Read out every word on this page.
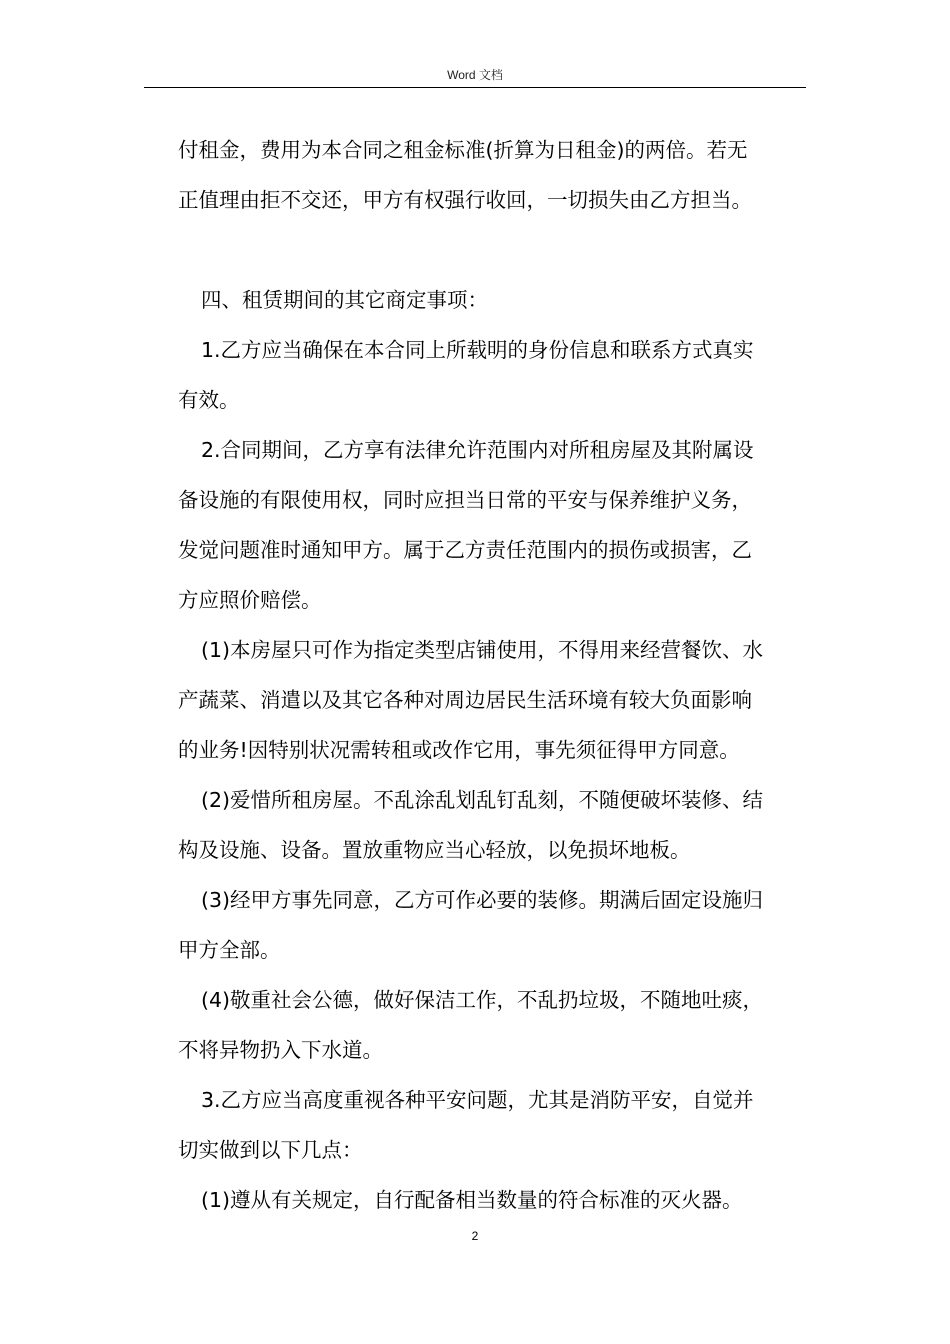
Word 文档

付租金，费用为本合同之租金标准(折算为日租金)的两倍。若无

正值理由拒不交还，甲方有权强行收回，一切损失由乙方担当。

四、租赁期间的其它商定事项：

1.乙方应当确保在本合同上所载明的身份信息和联系方式真实

有效。

2.合同期间，乙方享有法律允许范围内对所租房屋及其附属设

备设施的有限使用权，同时应担当日常的平安与保养维护义务，

发觉问题准时通知甲方。属于乙方责任范围内的损伤或损害，乙

方应照价赔偿。

(1)本房屋只可作为指定类型店铺使用，不得用来经营餐饮、水

产蔬菜、消遣以及其它各种对周边居民生活环境有较大负面影响

的业务!因特别状况需转租或改作它用，事先须征得甲方同意。

(2)爱惜所租房屋。不乱涂乱划乱钉乱刻，不随便破坏装修、结

构及设施、设备。置放重物应当心轻放，以免损坏地板。

(3)经甲方事先同意，乙方可作必要的装修。期满后固定设施归

甲方全部。

(4)敬重社会公德，做好保洁工作，不乱扔垃圾，不随地吐痰，

不将异物扔入下水道。

3.乙方应当高度重视各种平安问题，尤其是消防平安，自觉并

切实做到以下几点：

(1)遵从有关规定，自行配备相当数量的符合标准的灭火器。

2
